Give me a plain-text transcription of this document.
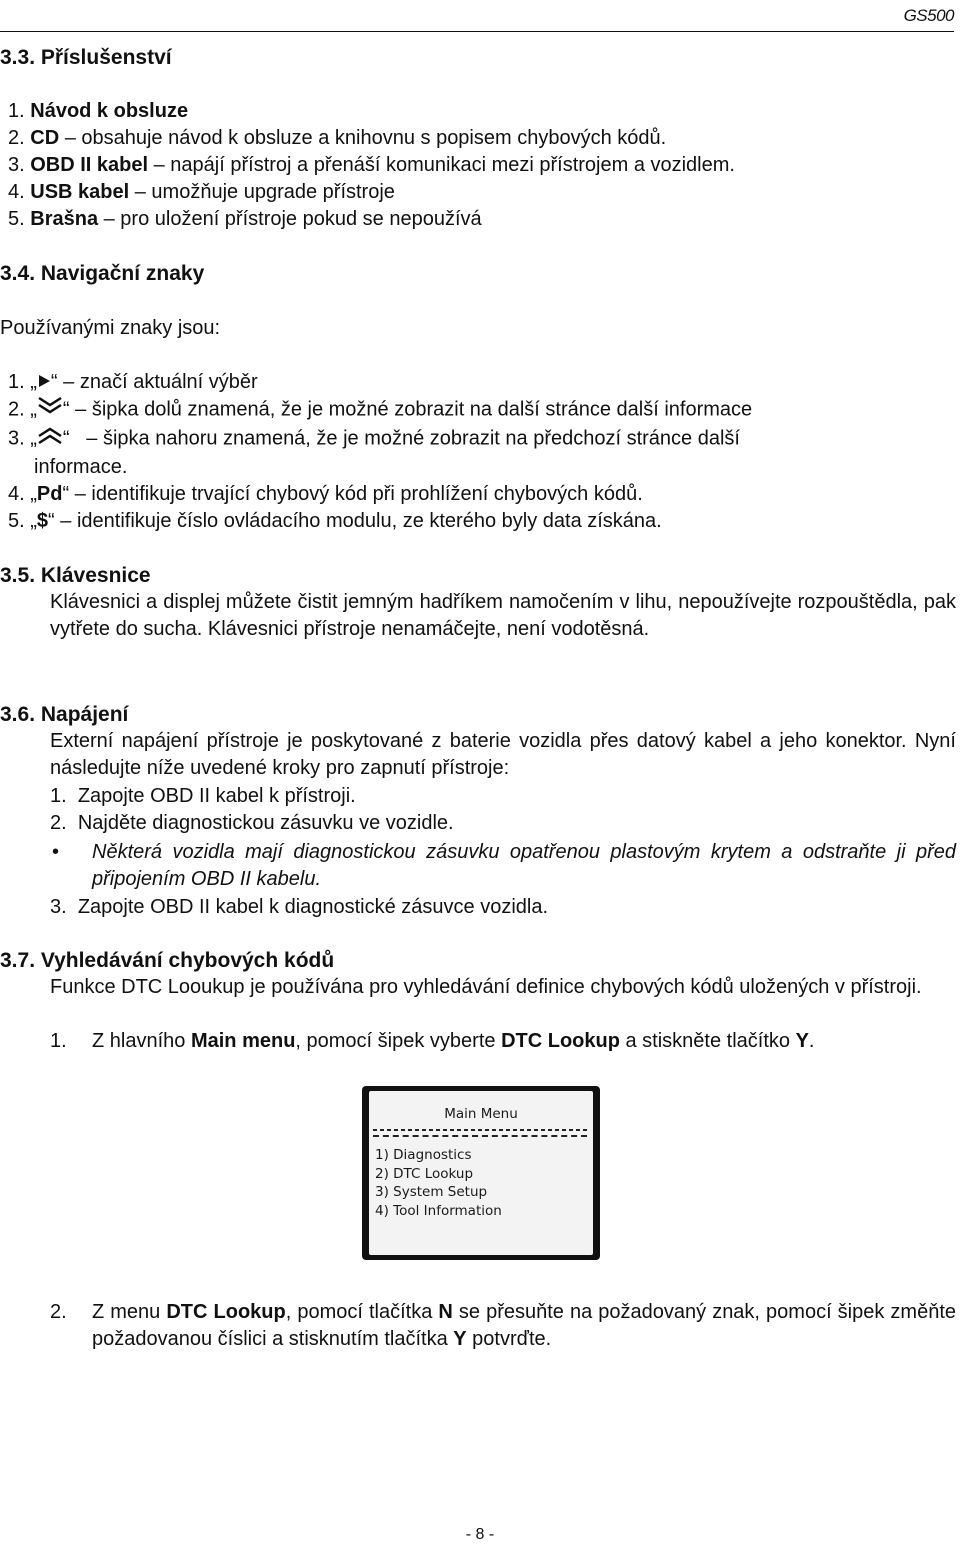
GS500
3.3. Příslušenství
1. Návod k obsluze
2. CD – obsahuje návod k obsluze a knihovnu s popisem chybových kódů.
3. OBD II kabel – napájí přístroj a přenáší komunikaci mezi přístrojem a vozidlem.
4. USB kabel – umožňuje upgrade přístroje
5. Brašna – pro uložení přístroje pokud se nepoužívá
3.4. Navigační znaky
Používanými znaky jsou:
1. „ “ – značí aktuální výběr
2. „ “ – šipka dolů znamená, že je možné zobrazit na další stránce další informace
3. „ “   – šipka nahoru znamená, že je možné zobrazit na předchozí stránce další
informace.
4. „Pd“ – identifikuje trvající chybový kód při prohlížení chybových kódů.
5. „$“ – identifikuje číslo ovládacího modulu, ze kterého byly data získána.
3.5. Klávesnice
Klávesnici a displej můžete čistit jemným hadříkem namočením v lihu, nepoužívejte rozpouštědla, pak vytřete do sucha. Klávesnici přístroje nenamáčejte, není vodotěsná.
3.6. Napájení
Externí napájení přístroje je poskytované z baterie vozidla přes datový kabel a jeho konektor. Nyní následujte níže uvedené kroky pro zapnutí přístroje:
1. Zapojte OBD II kabel k přístroji.
2. Najděte diagnostickou zásuvku ve vozidle.
• Některá vozidla mají diagnostickou zásuvku opatřenou plastovým krytem a odstraňte ji před připojením OBD II kabelu.
3. Zapojte OBD II kabel k diagnostické zásuvce vozidla.
3.7. Vyhledávání chybových kódů
Funkce DTC Looukup je používána pro vyhledávání definice chybových kódů uložených v přístroji.
1. Z hlavního Main menu, pomocí šipek vyberte DTC Lookup a stiskněte tlačítko Y.
Main Menu
1) Diagnostics
2) DTC Lookup
3) System Setup
4) Tool Information
2. Z menu DTC Lookup, pomocí tlačítka N se přesuňte na požadovaný znak, pomocí šipek změňte požadovanou číslici a stisknutím tlačítka Y potvrďte.
- 8 -
